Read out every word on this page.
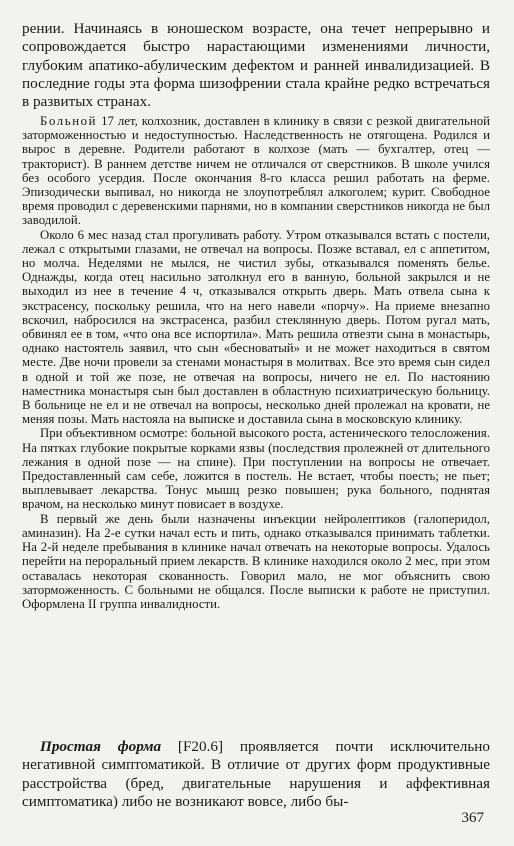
рении. Начинаясь в юношеском возрасте, она течет непрерывно и сопровождается быстро нарастающими изменениями личности, глубоким апатико-абулическим дефектом и ранней инвалидизацией. В последние годы эта форма шизофрении стала крайне редко встречаться в развитых странах.

Больной 17 лет, колхозник, доставлен в клинику в связи с резкой двигательной заторможенностью и недоступностью. Наследственность не отягощена. Родился и вырос в деревне. Родители работают в колхозе (мать — бухгалтер, отец — тракторист). В раннем детстве ничем не отличался от сверстников. В школе учился без особого усердия. После окончания 8-го класса решил работать на ферме. Эпизодически выпивал, но никогда не злоупотреблял алкоголем; курит. Свободное время проводил с деревенскими парнями, но в компании сверстников никогда не был заводилой.

Около 6 мес назад стал прогуливать работу. Утром отказывался встать с постели, лежал с открытыми глазами, не отвечал на вопросы. Позже вставал, ел с аппетитом, но молча. Неделями не мылся, не чистил зубы, отказывался поменять белье. Однажды, когда отец насильно затолкнул его в ванную, больной закрылся и не выходил из нее в течение 4 ч, отказывался открыть дверь. Мать отвела сына к экстрасенсу, поскольку решила, что на него навели «порчу». На приеме внезапно вскочил, набросился на экстрасенса, разбил стеклянную дверь. Потом ругал мать, обвинял ее в том, «что она все испортила». Мать решила отвезти сына в монастырь, однако настоятель заявил, что сын «бесноватый» и не может находиться в святом месте. Две ночи провели за стенами монастыря в молитвах. Все это время сын сидел в одной и той же позе, не отвечая на вопросы, ничего не ел. По настоянию наместника монастыря сын был доставлен в областную психиатрическую больницу. В больнице не ел и не отвечал на вопросы, несколько дней пролежал на кровати, не меняя позы. Мать настояла на выписке и доставила сына в московскую клинику.

При объективном осмотре: больной высокого роста, астенического телосложения. На пятках глубокие покрытые корками язвы (последствия пролежней от длительного лежания в одной позе — на спине). При поступлении на вопросы не отвечает. Предоставленный сам себе, ложится в постель. Не встает, чтобы поесть; не пьет; выплевывает лекарства. Тонус мышц резко повышен; рука больного, поднятая врачом, на несколько минут повисает в воздухе.

В первый же день были назначены инъекции нейролептиков (галоперидол, аминазин). На 2-е сутки начал есть и пить, однако отказывался принимать таблетки. На 2-й неделе пребывания в клинике начал отвечать на некоторые вопросы. Удалось перейти на пероральный прием лекарств. В клинике находился около 2 мес, при этом оставалась некоторая скованность. Говорил мало, не мог объяснить свою заторможенность. С больными не общался. После выписки к работе не приступил. Оформлена II группа инвалидности.

Простая форма [F20.6] проявляется почти исключительно негативной симптоматикой. В отличие от других форм продуктивные расстройства (бред, двигательные нарушения и аффективная симптоматика) либо не возникают вовсе, либо бы-

367
